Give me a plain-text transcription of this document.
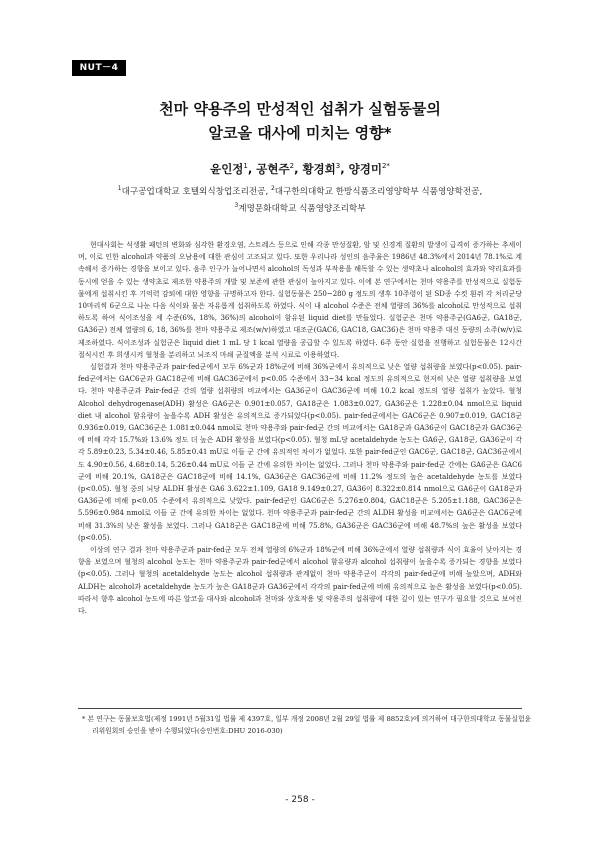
NUT－4
천마 약용주의 만성적인 섭취가 실험동물의
알코올 대사에 미치는 영향*
윤인정$^1$, 공현주$^2$, 황경희$^3$, 양경미$^{2*}$
$^1$대구공업대학교 호텔외식창업조리전공, $^2$대구한의대학교 한방식품조리영양학부 식품영양학전공,
$^3$계명문화대학교 식품영양조리학부

현대사회는 식생활 패턴의 변화와 심각한 환경오염, 스트레스 등으로 인해 각종 만성질환, 암 및 신경계 질환의 발생이 급격히 증가하는 추세이며, 이로 인한 alcohol과 약품의 오남용에 대한 관심이 고조되고 있다. 또한 우리나라 성인의 음주율은 1986년 48.3%에서 2014년 78.1%로 계속해서 증가하는 경향을 보이고 있다. 음주 인구가 늘어나면서 alcohol의 독성과 부작용을 해독할 수 있는 생약초나 alcohol의 효과와 약리효과를 동시에 얻을 수 있는 생약초로 제조한 약용주의 개발 및 보존에 관한 관심이 높아지고 있다. 이에 본 연구에서는 천마 약용주를 만성적으로 실험동물에게 섭취시킨 후 기억력 감퇴에 대한 영향을 규명하고자 한다. 실험동물은 250~280 g 정도의 생후 10주령이 된 SD종 수컷 흰쥐 각 처리군당 10마리씩 6군으로 나눈 다음 식이와 물은 자유롭게 섭취하도록 하였다. 식이 내 alcohol 수준은 전체 열량의 36%를 alcohol로 만성적으로 섭취하도록 하여 식이조성을 세 수준(6%, 18%, 36%)의 alcohol이 함유된 liquid diet를 만들었다. 실험군은 천마 약용주군(GA6군, GA18군, GA36군) 전체 열량의 6, 18, 36%를 천마 약용주로 제조(w/v)하였고 대조군(GAC6, GAC18, GAC36)은 천마 약용주 대신 동량의 소주(w/v)로 제조하였다. 식이조성과 실험군은 liquid diet 1 mL 당 1 kcal 열량을 공급할 수 있도록 하였다. 6주 동안 실험을 진행하고 실험동물은 12시간 절식시킨 후 희생시켜 혈청을 분리하고 뇌조직 마쇄 균질액을 분석 시료로 이용하였다.

실험결과 천마 약용주군과 pair-fed군에서 모두 6%군과 18%군에 비해 36%군에서 유의적으로 낮은 열량 섭취량을 보였다(p<0.05). pair-fed군에서는 GAC6군과 GAC18군에 비해 GAC36군에서 p<0.05 수준에서 33~34 kcal 정도의 유의적으로 현저히 낮은 열량 섭취량을 보였다. 천마 약용주군과 Pair-fed군 간의 열량 섭취량의 비교에서는 GA36군이 GAC36군에 비해 10.2 kcal 정도의 열량 섭취가 높았다. 혈청 Alcohol dehydrogenase(ADH) 활성은 GA6군은 0.901±0.057, GA18군은 1.083±0.027, GA36군은 1.228±0.04 nmol으로 liquid diet 내 alcohol 함유량이 높을수록 ADH 활성은 유의적으로 증가되었다(p<0.05). pair-fed군에서는 GAC6군은 0.907±0.019, GAC18군 0.936±0.019, GAC36군은 1.081±0.044 nmol로 천마 약용주와 pair-fed군 간의 비교에서는 GA18군과 GA36군이 GAC18군과 GAC36군에 비해 각각 15.7%와 13.6% 정도 더 높은 ADH 활성을 보였다(p<0.05). 혈청 mL당 acetaldehyde 농도는 GA6군, GA18군, GA36군이 각각 5.89±0.23, 5.34±0.46, 5.85±0.41 mU로 이들 군 간에 유의적인 차이가 없었다. 또한 pair-fed군인 GAC6군, GAC18군, GAC36군에서도 4.90±0.56, 4.68±0.14, 5.26±0.44 mU로 이들 군 간에 유의한 차이는 없었다. 그러나 천마 약용주와 pair-fed군 간에는 GA6군은 GAC6군에 비해 20.1%, GA18군은 GAC18군에 비해 14.1%, GA36군은 GAC36군에 비해 11.2% 정도의 높은 acetaldehyde 농도를 보였다(p<0.05). 혈청 중의 뇌당 ALDH 활성은 GA6 3.622±1.109, GA18 9.149±0.27, GA36이 8.322±0.814 nmol으로 GA6군이 GA18군과 GA36군에 비해 p<0.05 수준에서 유의적으로 낮았다. pair-fed군인 GAC6군은 5.276±0.804, GAC18군은 5.205±1.188, GAC36군은 5.596±0.984 nmol로 이들 군 간에 유의한 차이는 없었다. 천마 약용주군과 pair-fed군 간의 ALDH 활성을 비교에서는 GA6군은 GAC6군에 비해 31.3%의 낮은 활성을 보였다. 그러나 GA18군은 GAC18군에 비해 75.8%, GA36군은 GAC36군에 비해 48.7%의 높은 활성을 보였다(p<0.05).

이상의 연구 결과 천마 약용주군과 pair-fed군 모두 전체 열량의 6%군과 18%군에 비해 36%군에서 열량 섭취량과 식이 효율이 낮아지는 경향을 보였으며 혈청의 alcohol 농도는 천마 약용주군과 pair-fed군에서 alcohol 함유량과 alcohol 섭취량이 높을수록 증가되는 경향을 보였다(p<0.05). 그러나 혈청의 acetaldehyde 농도는 alcohol 섭취량과 관계없이 천마 약용주군이 각각의 pair-fed군에 비해 높았으며, ADH와 ALDH는 alcohol과 acetaldehyde 농도가 높은 GA18군과 GA36군에서 각각의 pair-fed군에 비해 유의적으로 높은 활성을 보였다(p<0.05). 따라서 향후 alcohol 농도에 따른 알코올 대사와 alcohol과 천마와 상호작용 및 약용주의 섭취량에 대한 깊이 있는 연구가 필요할 것으로 보여진다.

* 본 연구는 동물보호법(제정 1991년 5월31일 법률 제 4397호, 일부 개정 2008년 2월 29일 법률 제 8852호)에 의거하여 대구한의대학교 동물실험윤리위원회의 승인을 받아 수행되었다(승인번호:DHU 2016-030)
- 258 -
